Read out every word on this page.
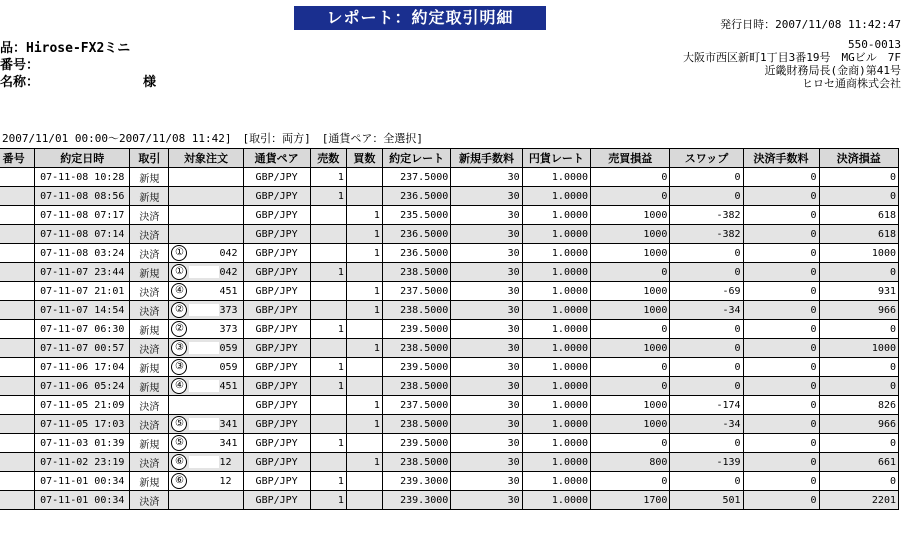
レポート：約定取引明細	発行日時：2007/11/08 11:42:47
品：Hirose-FX2ミニ
番号：
名称：	様
550-0013
大阪市西区新町1丁目3番19号　MGビル　7F
近畿財務局長(金商)第41号
ヒロセ通商株式会社
2007/11/01 00:00～2007/11/08 11:42]　[取引：両方]　[通貨ペア：全選択]
番号	約定日時	取引	対象注文	通貨ペア	売数	買数	約定レート	新規手数料	円貨レート	売買損益	スワップ	決済手数料	決済損益
	07-11-08 10:28	新規		GBP/JPY	1		237.5000	30	1.0000	0	0	0	0
	07-11-08 08:56	新規		GBP/JPY	1		236.5000	30	1.0000	0	0	0	0
	07-11-08 07:17	決済		GBP/JPY		1	235.5000	30	1.0000	1000	-382	0	618
	07-11-08 07:14	決済		GBP/JPY		1	236.5000	30	1.0000	1000	-382	0	618
	07-11-08 03:24	決済	① 042	GBP/JPY		1	236.5000	30	1.0000	1000	0	0	1000
	07-11-07 23:44	新規	① 042	GBP/JPY	1		238.5000	30	1.0000	0	0	0	0
	07-11-07 21:01	決済	④ 451	GBP/JPY		1	237.5000	30	1.0000	1000	-69	0	931
	07-11-07 14:54	決済	② 373	GBP/JPY		1	238.5000	30	1.0000	1000	-34	0	966
	07-11-07 06:30	新規	② 373	GBP/JPY	1		239.5000	30	1.0000	0	0	0	0
	07-11-07 00:57	決済	③ 059	GBP/JPY		1	238.5000	30	1.0000	1000	0	0	1000
	07-11-06 17:04	新規	③ 059	GBP/JPY	1		239.5000	30	1.0000	0	0	0	0
	07-11-06 05:24	新規	④ 451	GBP/JPY	1		238.5000	30	1.0000	0	0	0	0
	07-11-05 21:09	決済		GBP/JPY		1	237.5000	30	1.0000	1000	-174	0	826
	07-11-05 17:03	決済	⑤ 341	GBP/JPY		1	238.5000	30	1.0000	1000	-34	0	966
	07-11-03 01:39	新規	⑤ 341	GBP/JPY	1		239.5000	30	1.0000	0	0	0	0
	07-11-02 23:19	決済	⑥ 12	GBP/JPY		1	238.5000	30	1.0000	800	-139	0	661
	07-11-01 00:34	新規	⑥ 12	GBP/JPY	1		239.3000	30	1.0000	0	0	0	0
	07-11-01 00:34	決済		GBP/JPY	1		239.3000	30	1.0000	1700	501	0	2201
